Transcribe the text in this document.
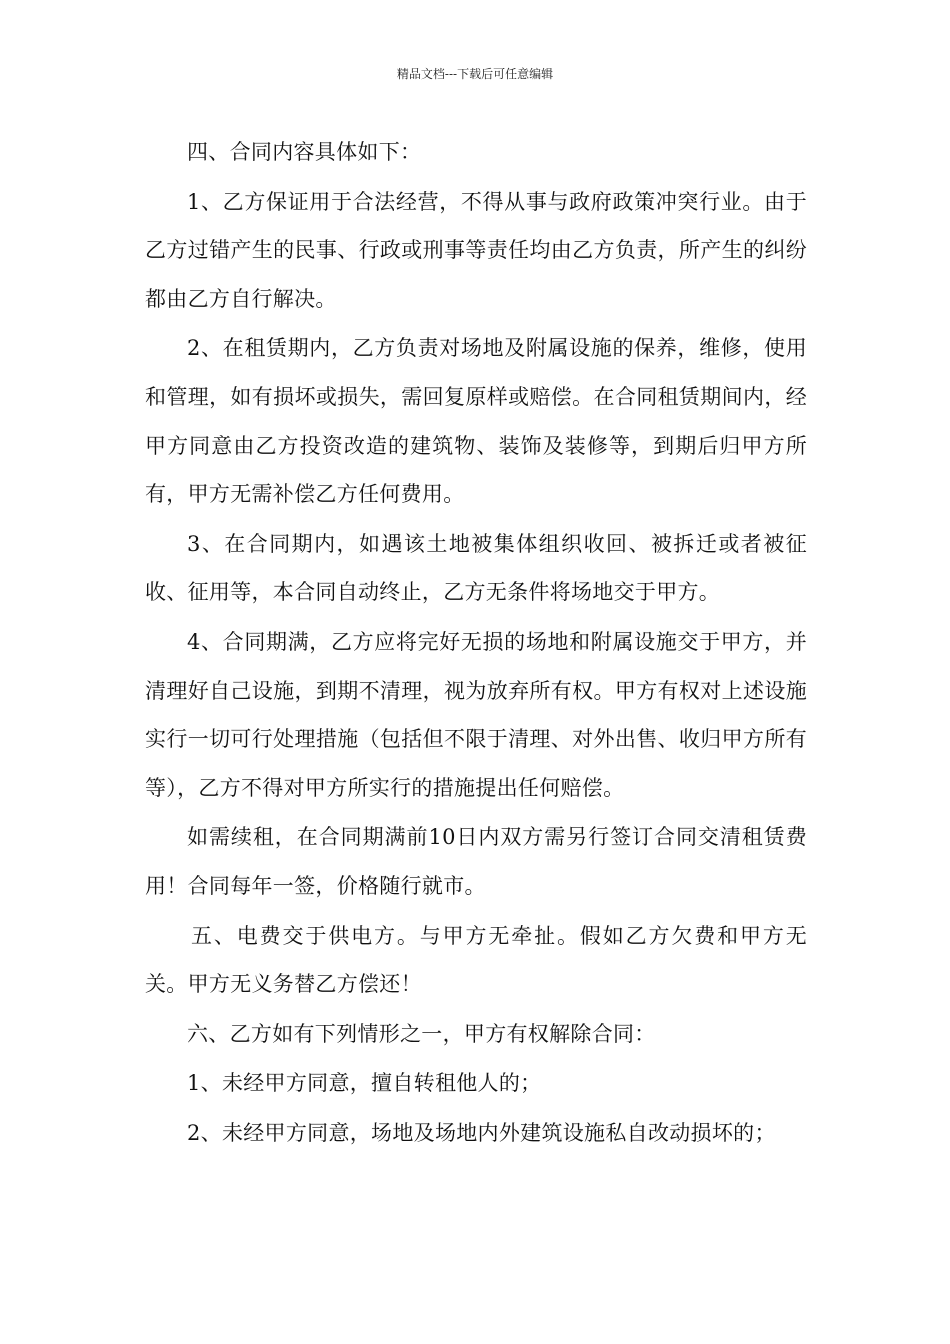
精品文档---下载后可任意编辑

四、合同内容具体如下：

1、乙方保证用于合法经营，不得从事与政府政策冲突行业。由于乙方过错产生的民事、行政或刑事等责任均由乙方负责，所产生的纠纷都由乙方自行解决。

2、在租赁期内，乙方负责对场地及附属设施的保养，维修，使用和管理，如有损坏或损失，需回复原样或赔偿。在合同租赁期间内，经甲方同意由乙方投资改造的建筑物、装饰及装修等，到期后归甲方所有，甲方无需补偿乙方任何费用。

3、在合同期内，如遇该土地被集体组织收回、被拆迁或者被征收、征用等，本合同自动终止，乙方无条件将场地交于甲方。

4、合同期满，乙方应将完好无损的场地和附属设施交于甲方，并清理好自己设施，到期不清理，视为放弃所有权。甲方有权对上述设施实行一切可行处理措施（包括但不限于清理、对外出售、收归甲方所有等），乙方不得对甲方所实行的措施提出任何赔偿。

如需续租，在合同期满前10日内双方需另行签订合同交清租赁费用！合同每年一签，价格随行就市。

五、电费交于供电方。与甲方无牵扯。假如乙方欠费和甲方无关。甲方无义务替乙方偿还！

六、乙方如有下列情形之一，甲方有权解除合同：

1、未经甲方同意，擅自转租他人的；

2、未经甲方同意，场地及场地内外建筑设施私自改动损坏的；
